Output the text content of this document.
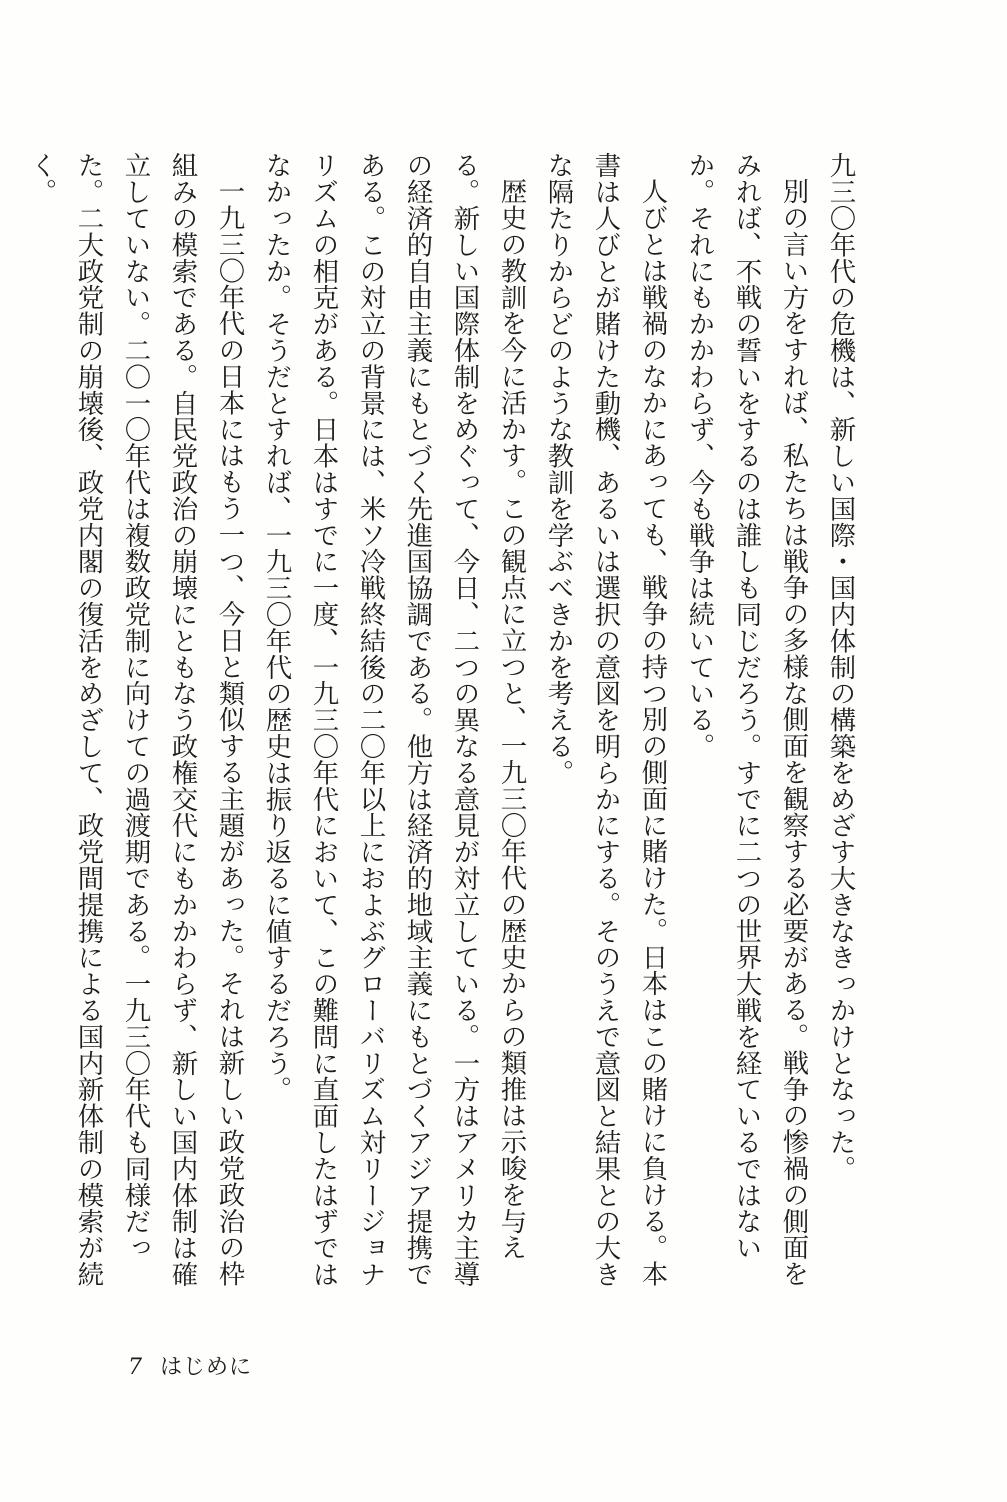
九三〇年代の危機は、新しい国際・国内体制の構築をめざす大きなきっかけとなった。

別の言い方をすれば、私たちは戦争の多様な側面を観察する必要がある。戦争の惨禍の側面をみれば、不戦の誓いをするのは誰しも同じだろう。すでに二つの世界大戦を経ているではないか。それにもかかわらず、今も戦争は続いている。

人びとは戦禍のなかにあっても、戦争の持つ別の側面に賭けた。日本はこの賭けに負ける。本書は人びとが賭けた動機、あるいは選択の意図を明らかにする。そのうえで意図と結果との大きな隔たりからどのような教訓を学ぶべきかを考える。

歴史の教訓を今に活かす。この観点に立つと、一九三〇年代の歴史からの類推は示唆を与える。新しい国際体制をめぐって、今日、二つの異なる意見が対立している。一方はアメリカ主導の経済的自由主義にもとづく先進国協調である。他方は経済的地域主義にもとづくアジア提携である。この対立の背景には、米ソ冷戦終結後の二〇年以上におよぶグローバリズム対リージョナリズムの相克がある。日本はすでに一度、一九三〇年代において、この難問に直面したはずではなかったか。そうだとすれば、一九三〇年代の歴史は振り返るに値するだろう。

一九三〇年代の日本にはもう一つ、今日と類似する主題があった。それは新しい政党政治の枠組みの模索である。自民党政治の崩壊にともなう政権交代にもかかわらず、新しい国内体制は確立していない。二〇一〇年代は複数政党制に向けての過渡期である。一九三〇年代も同様だった。二大政党制の崩壊後、政党内閣の復活をめざして、政党間提携による国内新体制の模索が続く。

7 はじめに
